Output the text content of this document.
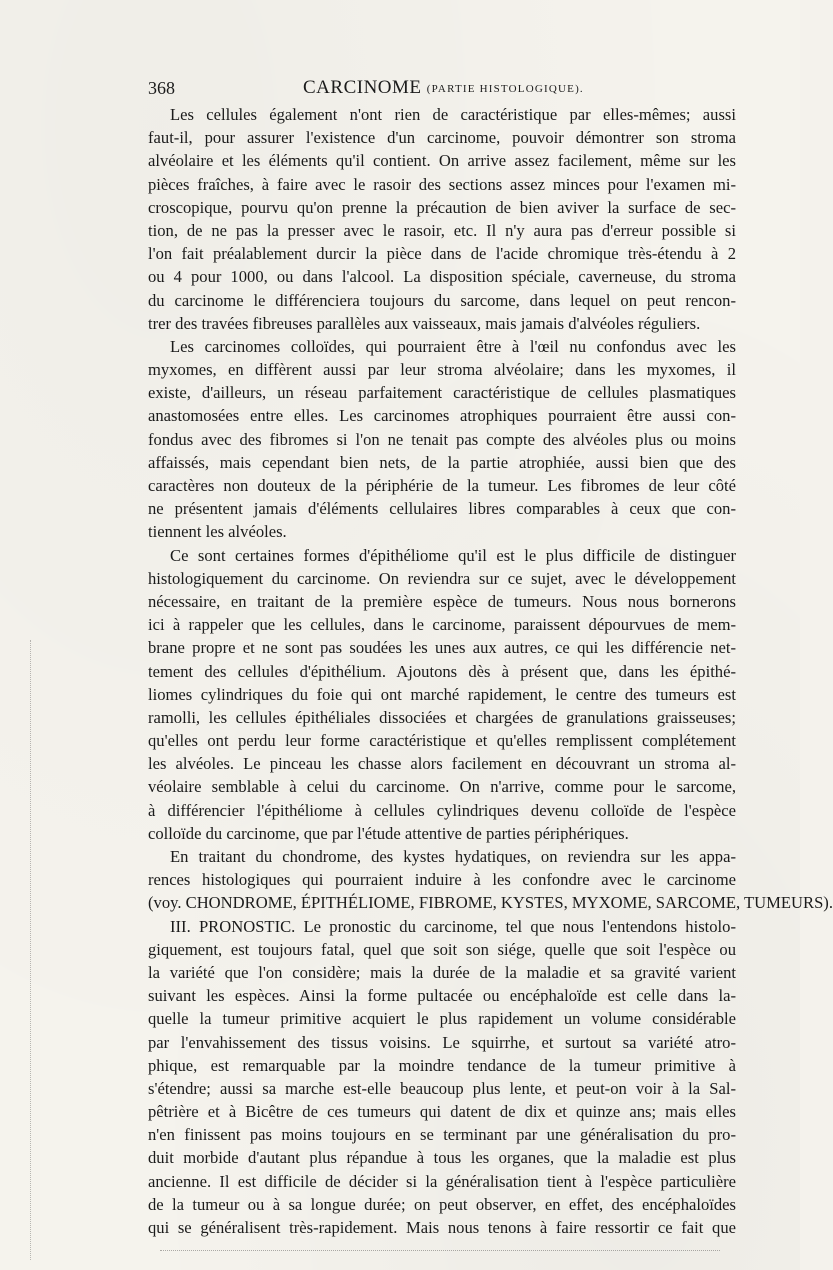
368	CARCINOME (PARTIE HISTOLOGIQUE).
Les cellules également n'ont rien de caractéristique par elles-mêmes; aussi
faut-il, pour assurer l'existence d'un carcinome, pouvoir démontrer son stroma
alvéolaire et les éléments qu'il contient. On arrive assez facilement, même sur les
pièces fraîches, à faire avec le rasoir des sections assez minces pour l'examen mi-
croscopique, pourvu qu'on prenne la précaution de bien aviver la surface de sec-
tion, de ne pas la presser avec le rasoir, etc. Il n'y aura pas d'erreur possible si
l'on fait préalablement durcir la pièce dans de l'acide chromique très-étendu à 2
ou 4 pour 1000, ou dans l'alcool. La disposition spéciale, caverneuse, du stroma
du carcinome le différenciera toujours du sarcome, dans lequel on peut rencon-
trer des travées fibreuses parallèles aux vaisseaux, mais jamais d'alvéoles réguliers.
Les carcinomes colloïdes, qui pourraient être à l'œil nu confondus avec les
myxomes, en diffèrent aussi par leur stroma alvéolaire; dans les myxomes, il
existe, d'ailleurs, un réseau parfaitement caractéristique de cellules plasmatiques
anastomosées entre elles. Les carcinomes atrophiques pourraient être aussi con-
fondus avec des fibromes si l'on ne tenait pas compte des alvéoles plus ou moins
affaissés, mais cependant bien nets, de la partie atrophiée, aussi bien que des
caractères non douteux de la périphérie de la tumeur. Les fibromes de leur côté
ne présentent jamais d'éléments cellulaires libres comparables à ceux que con-
tiennent les alvéoles.
Ce sont certaines formes d'épithéliome qu'il est le plus difficile de distinguer
histologiquement du carcinome. On reviendra sur ce sujet, avec le développement
nécessaire, en traitant de la première espèce de tumeurs. Nous nous bornerons
ici à rappeler que les cellules, dans le carcinome, paraissent dépourvues de mem-
brane propre et ne sont pas soudées les unes aux autres, ce qui les différencie net-
tement des cellules d'épithélium. Ajoutons dès à présent que, dans les épithé-
liomes cylindriques du foie qui ont marché rapidement, le centre des tumeurs est
ramolli, les cellules épithéliales dissociées et chargées de granulations graisseuses;
qu'elles ont perdu leur forme caractéristique et qu'elles remplissent complétement
les alvéoles. Le pinceau les chasse alors facilement en découvrant un stroma al-
véolaire semblable à celui du carcinome. On n'arrive, comme pour le sarcome,
à différencier l'épithéliome à cellules cylindriques devenu colloïde de l'espèce
colloïde du carcinome, que par l'étude attentive de parties périphériques.
En traitant du chondrome, des kystes hydatiques, on reviendra sur les appa-
rences histologiques qui pourraient induire à les confondre avec le carcinome
(voy. CHONDROME, ÉPITHÉLIOME, FIBROME, KYSTES, MYXOME, SARCOME, TUMEURS).
III. PRONOSTIC. Le pronostic du carcinome, tel que nous l'entendons histolo-
giquement, est toujours fatal, quel que soit son siége, quelle que soit l'espèce ou
la variété que l'on considère; mais la durée de la maladie et sa gravité varient
suivant les espèces. Ainsi la forme pultacée ou encéphaloïde est celle dans la-
quelle la tumeur primitive acquiert le plus rapidement un volume considérable
par l'envahissement des tissus voisins. Le squirrhe, et surtout sa variété atro-
phique, est remarquable par la moindre tendance de la tumeur primitive à
s'étendre; aussi sa marche est-elle beaucoup plus lente, et peut-on voir à la Sal-
pêtrière et à Bicêtre de ces tumeurs qui datent de dix et quinze ans; mais elles
n'en finissent pas moins toujours en se terminant par une généralisation du pro-
duit morbide d'autant plus répandue à tous les organes, que la maladie est plus
ancienne. Il est difficile de décider si la généralisation tient à l'espèce particulière
de la tumeur ou à sa longue durée; on peut observer, en effet, des encéphaloïdes
qui se généralisent très-rapidement. Mais nous tenons à faire ressortir ce fait que
